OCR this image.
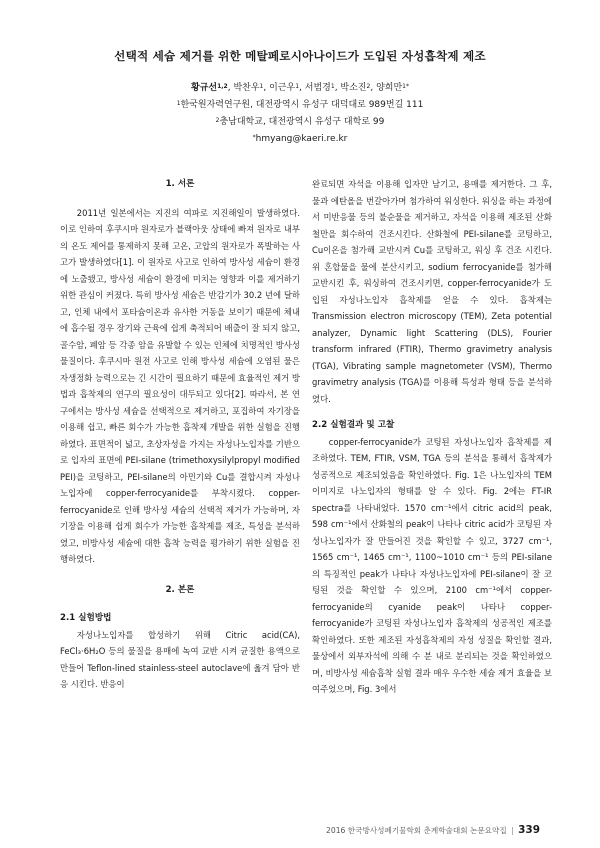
선택적 세슘 제거를 위한 메탈페로시아나이드가 도입된 자성흡착제 제조
황규선$^{1,2}$, 박찬우$^1$, 이근우$^1$, 서범경$^1$, 박소진$^2$, 양희만$^{1*}$
$^1$한국원자력연구원, 대전광역시 유성구 대덕대로 989번길 111
$^2$충남대학교, 대전광역시 유성구 대학로 99
*hmyang@kaeri.re.kr

1. 서론

2011년 일본에서는 지진의 여파로 지진해일이 발생하였다. 이로 인하여 후쿠시마 원자로가 블랙아웃 상태에 빠져 원자로 내부의 온도 제어를 통제하지 못해 고온, 고압의 원자로가 폭발하는 사고가 발생하였다[1]. 이 원자로 사고로 인하여 방사성 세슘이 환경에 노출됐고, 방사성 세슘이 환경에 미치는 영향과 이를 제거하기 위한 관심이 커졌다. 특히 방사성 세슘은 반감기가 30.2 년에 달하고, 인체 내에서 포타슘이온과 유사한 거동을 보이기 때문에 체내에 흡수될 경우 장기와 근육에 쉽게 축적되어 배출이 잘 되지 않고, 골수암, 폐암 등 각종 암을 유발할 수 있는 인체에 치명적인 방사성 물질이다. 후쿠시마 원전 사고로 인해 방사성 세슘에 오염된 물은 자생정화 능력으로는 긴 시간이 필요하기 때문에 효율적인 제거 방법과 흡착제의 연구의 필요성이 대두되고 있다[2]. 따라서, 본 연구에서는 방사성 세슘을 선택적으로 제거하고, 포집하여 자기장을 이용해 쉽고, 빠른 회수가 가능한 흡착제 개발을 위한 실험을 진행하였다. 표면적이 넓고, 초상자성을 가지는 자성나노입자를 기반으로 입자의 표면에 PEI-silane (trimethoxysilylpropyl modified PEI)을 코팅하고, PEI-silane의 아민기와 Cu를 결합시켜 자성나노입자에 copper-ferrocyanide를 부착시켰다. copper-ferrocyanide로 인해 방사성 세슘의 선택적 제거가 가능하며, 자기장을 이용해 쉽게 회수가 가능한 흡착제를 제조, 특성을 분석하였고, 비방사성 세슘에 대한 흡착 능력을 평가하기 위한 실험을 진행하였다.

2. 본론

2.1 실험방법

자성나노입자를 합성하기 위해 Citric acid(CA), FeCl₃·6H₂O 등의 물질을 용매에 녹여 교반 시켜 균질한 용액으로 만들어 Teflon-lined stainless-steel autoclave에 옮겨 담아 반응 시킨다. 반응이

완료되면 자석을 이용해 입자만 남기고, 용매를 제거한다. 그 후, 물과 에탄올을 번갈아가며 첨가하여 워싱한다. 워싱을 하는 과정에서 미반응물 등의 불순물을 제거하고, 자석을 이용해 제조된 산화철만을 회수하여 건조시킨다. 산화철에 PEI-silane를 코팅하고, Cu이온을 첨가해 교반시켜 Cu를 코팅하고, 워싱 후 건조 시킨다. 위 혼합물을 물에 분산시키고, sodium ferrocyanide를 첨가해 교반시킨 후, 워싱하여 건조시키면, copper-ferrocyanide가 도입된 자성나노입자 흡착제를 얻을 수 있다. 흡착제는 Transmission electron microscopy (TEM), Zeta potential analyzer, Dynamic light Scattering (DLS), Fourier transform infrared (FTIR), Thermo gravimetry analysis (TGA), Vibrating sample magnetometer (VSM), Thermo gravimetry analysis (TGA)를 이용해 특성과 형태 등을 분석하였다.

2.2 실험결과 및 고찰

copper-ferrocyanide가 코팅된 자성나노입자 흡착제를 제조하였다. TEM, FTIR, VSM, TGA 등의 분석을 통해서 흡착제가 성공적으로 제조되었음을 확인하였다. Fig. 1은 나노입자의 TEM이미지로 나노입자의 형태를 알 수 있다. Fig. 2에는 FT-IR spectra를 나타내었다. 1570 cm⁻¹에서 citric acid의 peak, 598 cm⁻¹에서 산화철의 peak이 나타나 citric acid가 코팅된 자성나노입자가 잘 만들어진 것을 확인할 수 있고, 3727 cm⁻¹, 1565 cm⁻¹, 1465 cm⁻¹, 1100~1010 cm⁻¹ 등의 PEI-silane의 특징적인 peak가 나타나 자성나노입자에 PEI-silane이 잘 코팅된 것을 확인할 수 있으며, 2100 cm⁻¹에서 copper-ferrocyanide의 cyanide peak이 나타나 copper-ferrocyanide가 코팅된 자성나노입자 흡착제의 성공적인 제조를 확인하였다. 또한 제조된 자성흡착제의 자성 성질을 확인할 결과, 물상에서 외부자석에 의해 수 분 내로 분리되는 것을 확인하였으며, 비방사성 세슘흡착 실험 결과 매우 우수한 세슘 제거 효율을 보여주었으며, Fig. 3에서

2016 한국방사성폐기물학회 춘계학술대회 논문요약집 | 339
